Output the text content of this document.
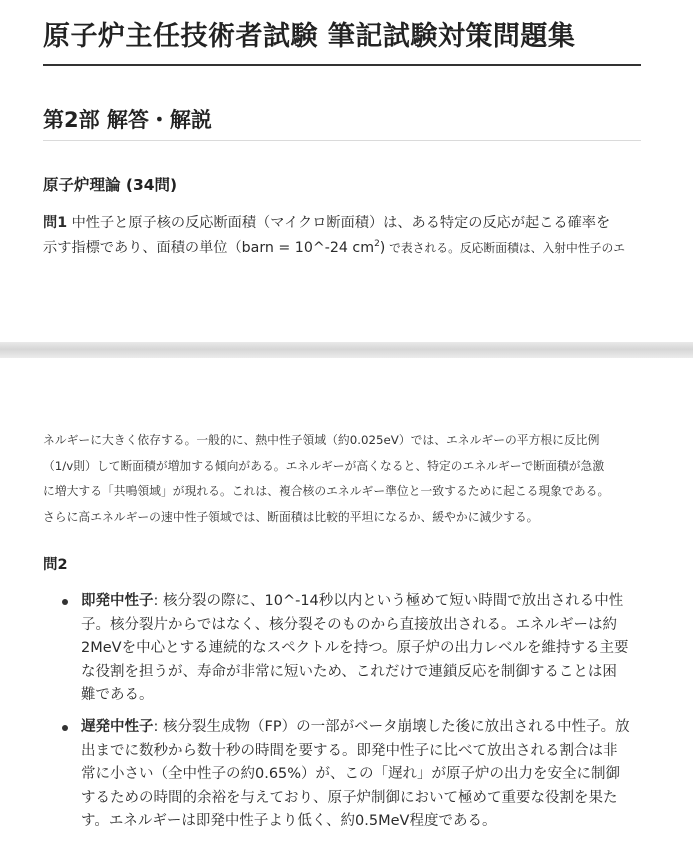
原子炉主任技術者試験 筆記試験対策問題集
第2部 解答・解説
原子炉理論 (34問)

問1 中性子と原子核の反応断面積（マイクロ断面積）は、ある特定の反応が起こる確率を
示す指標であり、面積の単位（barn = 10^-24 $cm^2$) で表される。反応断面積は、入射中性子のエ

ネルギーに大きく依存する。一般的に、熱中性子領域（約0.025eV）では、エネルギーの平方根に反比例
（1/v則）して断面積が増加する傾向がある。エネルギーが高くなると、特定のエネルギーで断面積が急激
に増大する「共鳴領域」が現れる。これは、複合核のエネルギー準位と一致するために起こる現象である。
さらに高エネルギーの速中性子領域では、断面積は比較的平坦になるか、緩やかに減少する。

問2
即発中性子: 核分裂の際に、10^-14秒以内という極めて短い時間で放出される中性
子。核分裂片からではなく、核分裂そのものから直接放出される。エネルギーは約
2MeVを中心とする連続的なスペクトルを持つ。原子炉の出力レベルを維持する主要
な役割を担うが、寿命が非常に短いため、これだけで連鎖反応を制御することは困
難である。
遅発中性子: 核分裂生成物（FP）の一部がベータ崩壊した後に放出される中性子。放
出までに数秒から数十秒の時間を要する。即発中性子に比べて放出される割合は非
常に小さい（全中性子の約0.65%）が、この「遅れ」が原子炉の出力を安全に制御
するための時間的余裕を与えており、原子炉制御において極めて重要な役割を果た
す。エネルギーは即発中性子より低く、約0.5MeV程度である。
